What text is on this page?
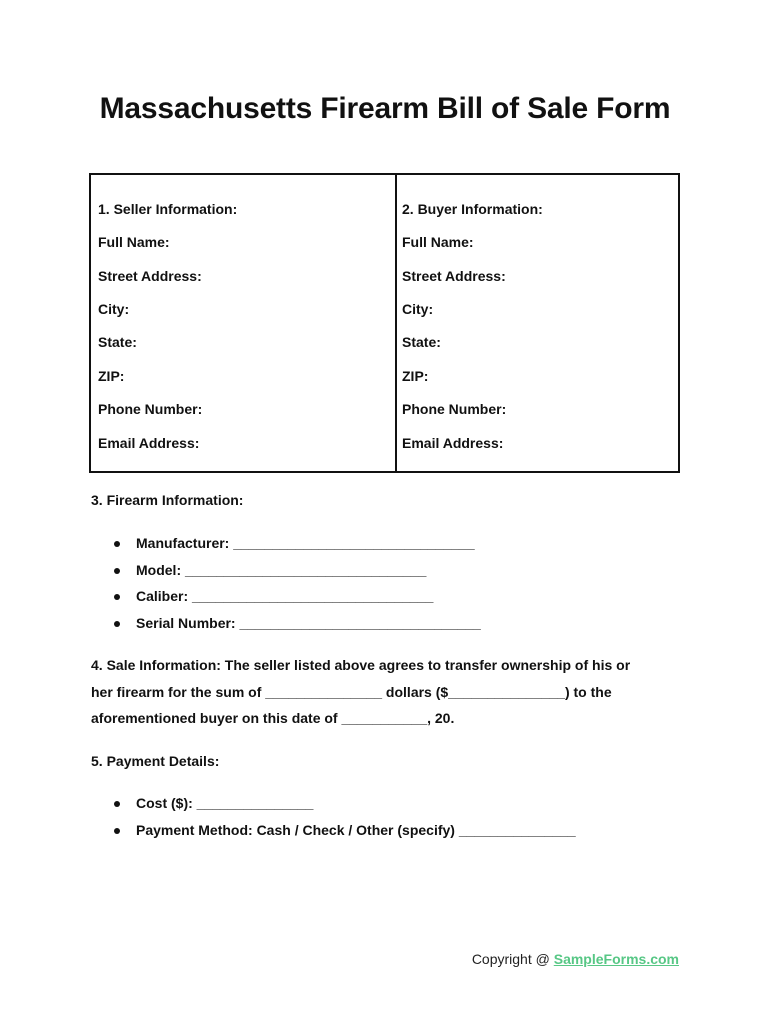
Massachusetts Firearm Bill of Sale Form
1. Seller Information:
Full Name:
Street Address:
City:
State:
ZIP:
Phone Number:
Email Address:
2. Buyer Information:
Full Name:
Street Address:
City:
State:
ZIP:
Phone Number:
Email Address:
3. Firearm Information:
Manufacturer: _______________________________
Model: _______________________________
Caliber: _______________________________
Serial Number: _______________________________
4. Sale Information: The seller listed above agrees to transfer ownership of his or
her firearm for the sum of _______________ dollars ($_______________) to the
aforementioned buyer on this date of ___________, 20.
5. Payment Details:
Cost ($): _______________
Payment Method: Cash / Check / Other (specify) _______________
Copyright @ SampleForms.com
